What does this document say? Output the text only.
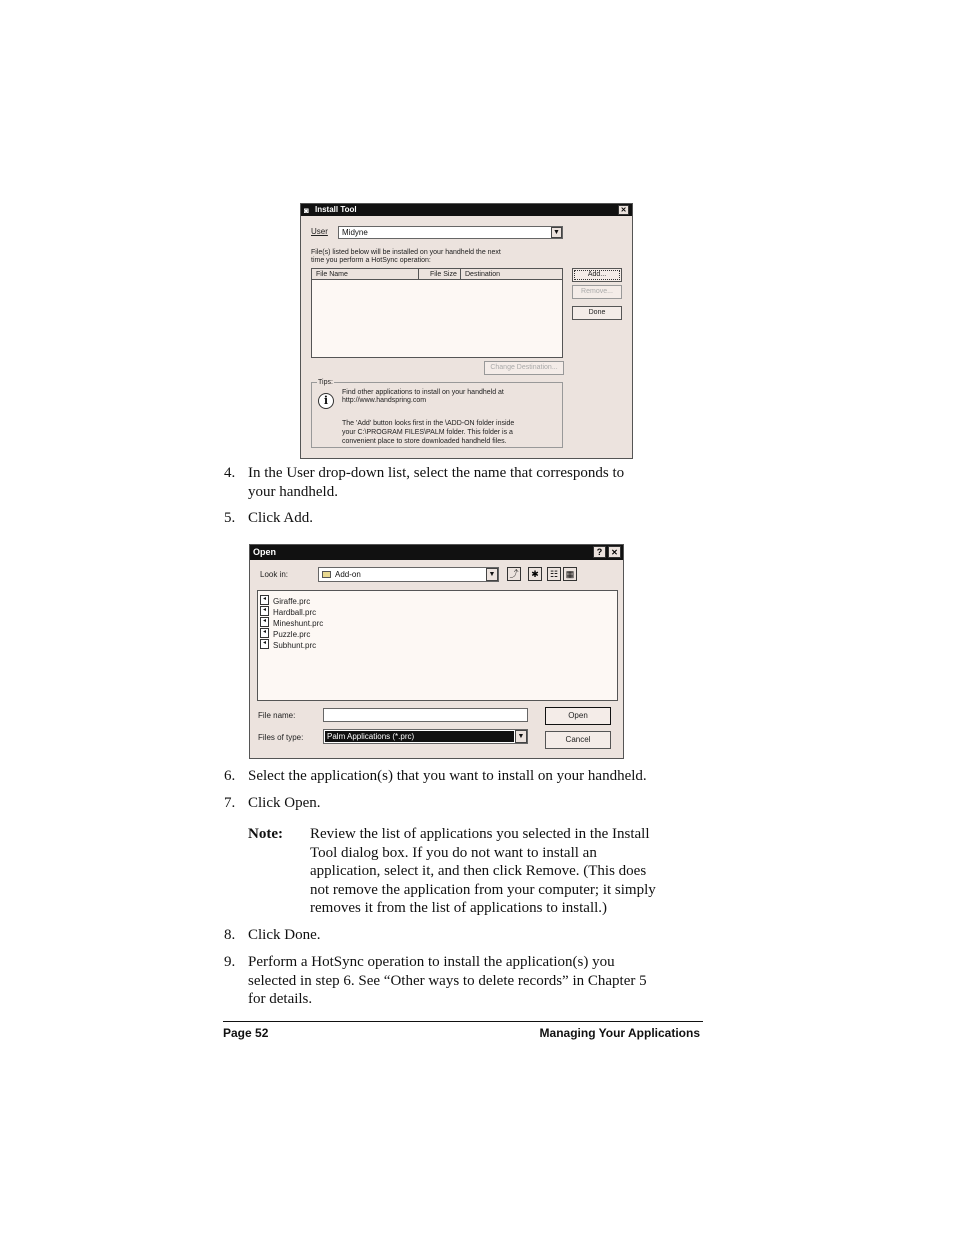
◙ Install Tool	✕
User Midyne	▼
File(s) listed below will be installed on your handheld the next
time you perform a HotSync operation:
File Name	File Size Destination	Add...
Remove...
Done
Change Destination...
Tips:
i
Find other applications to install on your handheld at
http://www.handspring.com
The 'Add' button looks first in the \ADD-ON folder inside
your C:\PROGRAM FILES\PALM folder. This folder is a
convenient place to store downloaded handheld files.
4. In the User drop-down list, select the name that corresponds to
your handheld.
5. Click Add.
Open	?	✕
Look in:	Add-on	▼ ⤴	✱	☷ ▦
◂ Giraffe.prc
◂ Hardball.prc
◂ Mineshunt.prc
◂ Puzzle.prc
◂ Subhunt.prc
File name:
Files of type:	Palm Applications (*.prc)	▼
Open
Cancel
6. Select the application(s) that you want to install on your handheld.
7. Click Open.
Note: Review the list of applications you selected in the Install
Tool dialog box. If you do not want to install an
application, select it, and then click Remove. (This does
not remove the application from your computer; it simply
removes it from the list of applications to install.)
8. Click Done.
9. Perform a HotSync operation to install the application(s) you
selected in step 6. See “Other ways to delete records” in Chapter 5
for details.
Page 52	Managing Your Applications
